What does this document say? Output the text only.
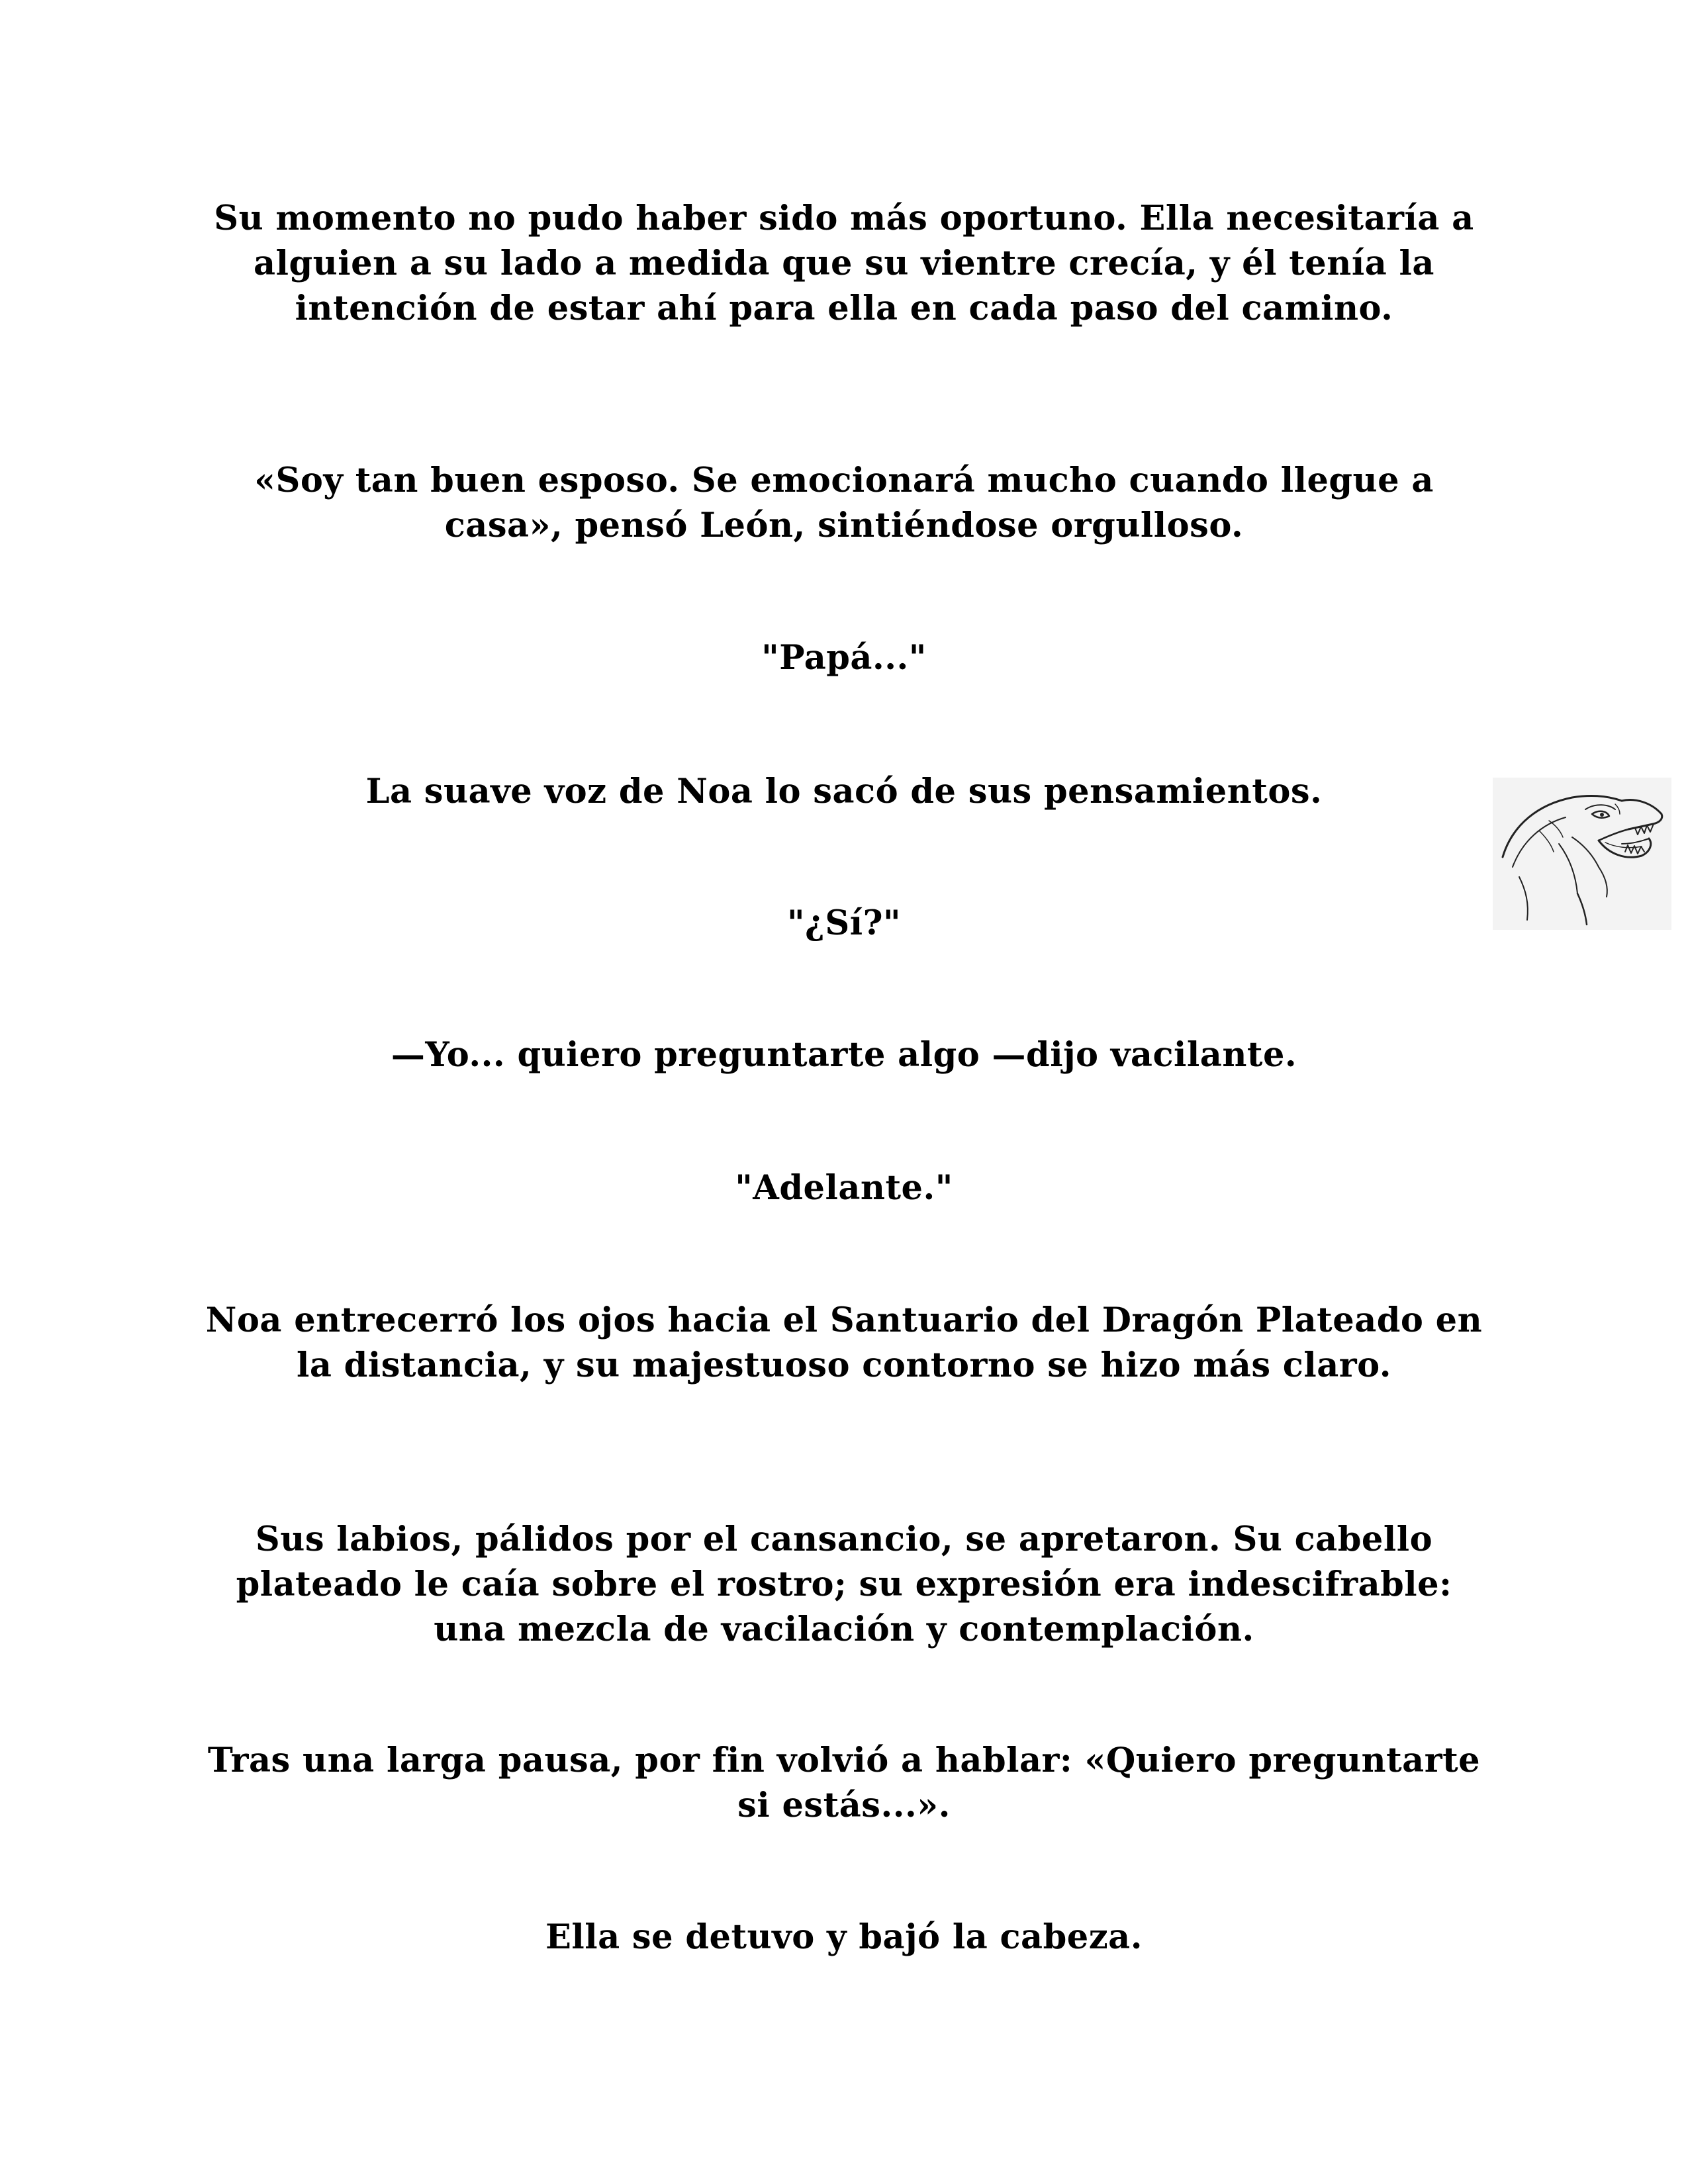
Su momento no pudo haber sido más oportuno. Ella necesitaría a alguien a su lado a medida que su vientre crecía, y él tenía la intención de estar ahí para ella en cada paso del camino.

«Soy tan buen esposo. Se emocionará mucho cuando llegue a casa», pensó León, sintiéndose orgulloso.

"Papá..."

La suave voz de Noa lo sacó de sus pensamientos.

"¿Sí?"

—Yo... quiero preguntarte algo —dijo vacilante.

"Adelante."

Noa entrecerró los ojos hacia el Santuario del Dragón Plateado en la distancia, y su majestuoso contorno se hizo más claro.

Sus labios, pálidos por el cansancio, se apretaron. Su cabello plateado le caía sobre el rostro; su expresión era indescifrable: una mezcla de vacilación y contemplación.

Tras una larga pausa, por fin volvió a hablar: «Quiero preguntarte si estás...».

Ella se detuvo y bajó la cabeza.
